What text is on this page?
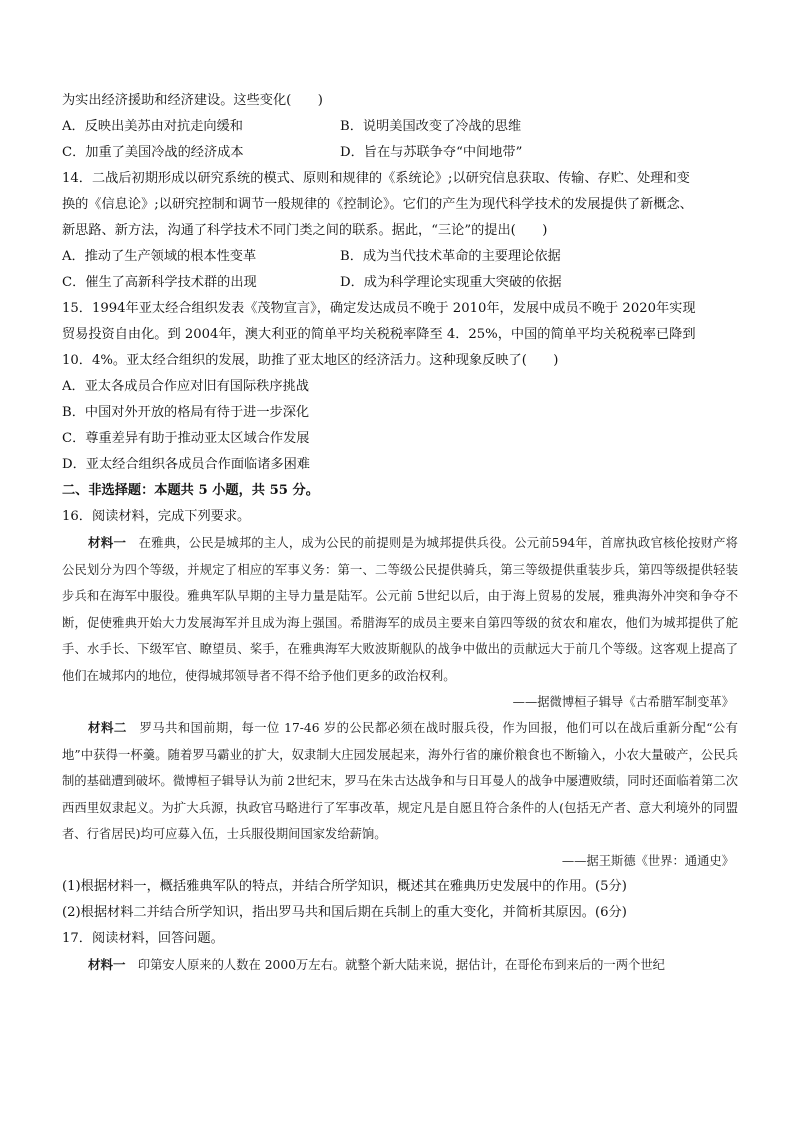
为实出经济援助和经济建设。这些变化(　　)
A．反映出美苏由对抗走向缓和	B．说明美国改变了冷战的思维
C．加重了美国冷战的经济成本	D．旨在与苏联争夺“中间地带”
14．二战后初期形成以研究系统的模式、原则和规律的《系统论》;以研究信息获取、传输、存贮、处理和变
换的《信息论》;以研究控制和调节一般规律的《控制论》。它们的产生为现代科学技术的发展提供了新概念、
新思路、新方法，沟通了科学技术不同门类之间的联系。据此，“三论”的提出(　　)
A．推动了生产领域的根本性变革	B．成为当代技术革命的主要理论依据
C．催生了高新科学技术群的出现	D．成为科学理论实现重大突破的依据
15．1994年亚太经合组织发表《茂物宣言》，确定发达成员不晚于 2010年，发展中成员不晚于 2020年实现
贸易投资自由化。到 2004年，澳大利亚的简单平均关税税率降至 4．25%，中国的简单平均关税税率已降到
10．4%。亚太经合组织的发展，助推了亚太地区的经济活力。这种现象反映了(　　)
A．亚太各成员合作应对旧有国际秩序挑战
B．中国对外开放的格局有待于进一步深化
C．尊重差异有助于推动亚太区域合作发展
D．亚太经合组织各成员合作面临诸多困难
二、非选择题：本题共 5 小题，共 55 分。
16．阅读材料，完成下列要求。

材料一　 在雅典，公民是城邦的主人，成为公民的前提则是为城邦提供兵役。公元前594年，首席执政官核伦按财产将公民划分为四个等级，并规定了相应的军事义务：第一、二等级公民提供骑兵，第三等级提供重装步兵，第四等级提供轻装步兵和在海军中服役。雅典军队早期的主导力量是陆军。公元前 5世纪以后，由于海上贸易的发展，雅典海外冲突和争夺不断，促使雅典开始大力发展海军并且成为海上强国。希腊海军的成员主要来自第四等级的贫农和雇农，他们为城邦提供了舵手、水手长、下级军官、瞭望员、桨手，在雅典海军大败波斯舰队的战争中做出的贡献远大于前几个等级。这客观上提高了他们在城邦内的地位，使得城邦领导者不得不给予他们更多的政治权利。

——据微博桓子辑导《古希腊军制变革》

材料二　 罗马共和国前期，每一位 17-46 岁的公民都必须在战时服兵役，作为回报，他们可以在战后重新分配“公有地”中获得一杯羹。随着罗马霸业的扩大，奴隶制大庄园发展起来，海外行省的廉价粮食也不断输入，小农大量破产，公民兵制的基础遭到破坏。微博桓子辑导认为前 2世纪末，罗马在朱古达战争和与日耳曼人的战争中屡遭败绩，同时还面临着第二次西西里奴隶起义。为扩大兵源，执政官马略进行了军事改革，规定凡是自愿且符合条件的人(包括无产者、意大利境外的同盟者、行省居民)均可应募入伍，士兵服役期间国家发给薪饷。

——据王斯德《世界：通通史》
(1)根据材料一，概括雅典军队的特点，并结合所学知识，概述其在雅典历史发展中的作用。(5分)
(2)根据材料二并结合所学知识，指出罗马共和国后期在兵制上的重大变化，并简析其原因。(6分)
17．阅读材料，回答问题。

材料一　 印第安人原来的人数在 2000万左右。就整个新大陆来说，据估计，在哥伦布到来后的一两个世纪
